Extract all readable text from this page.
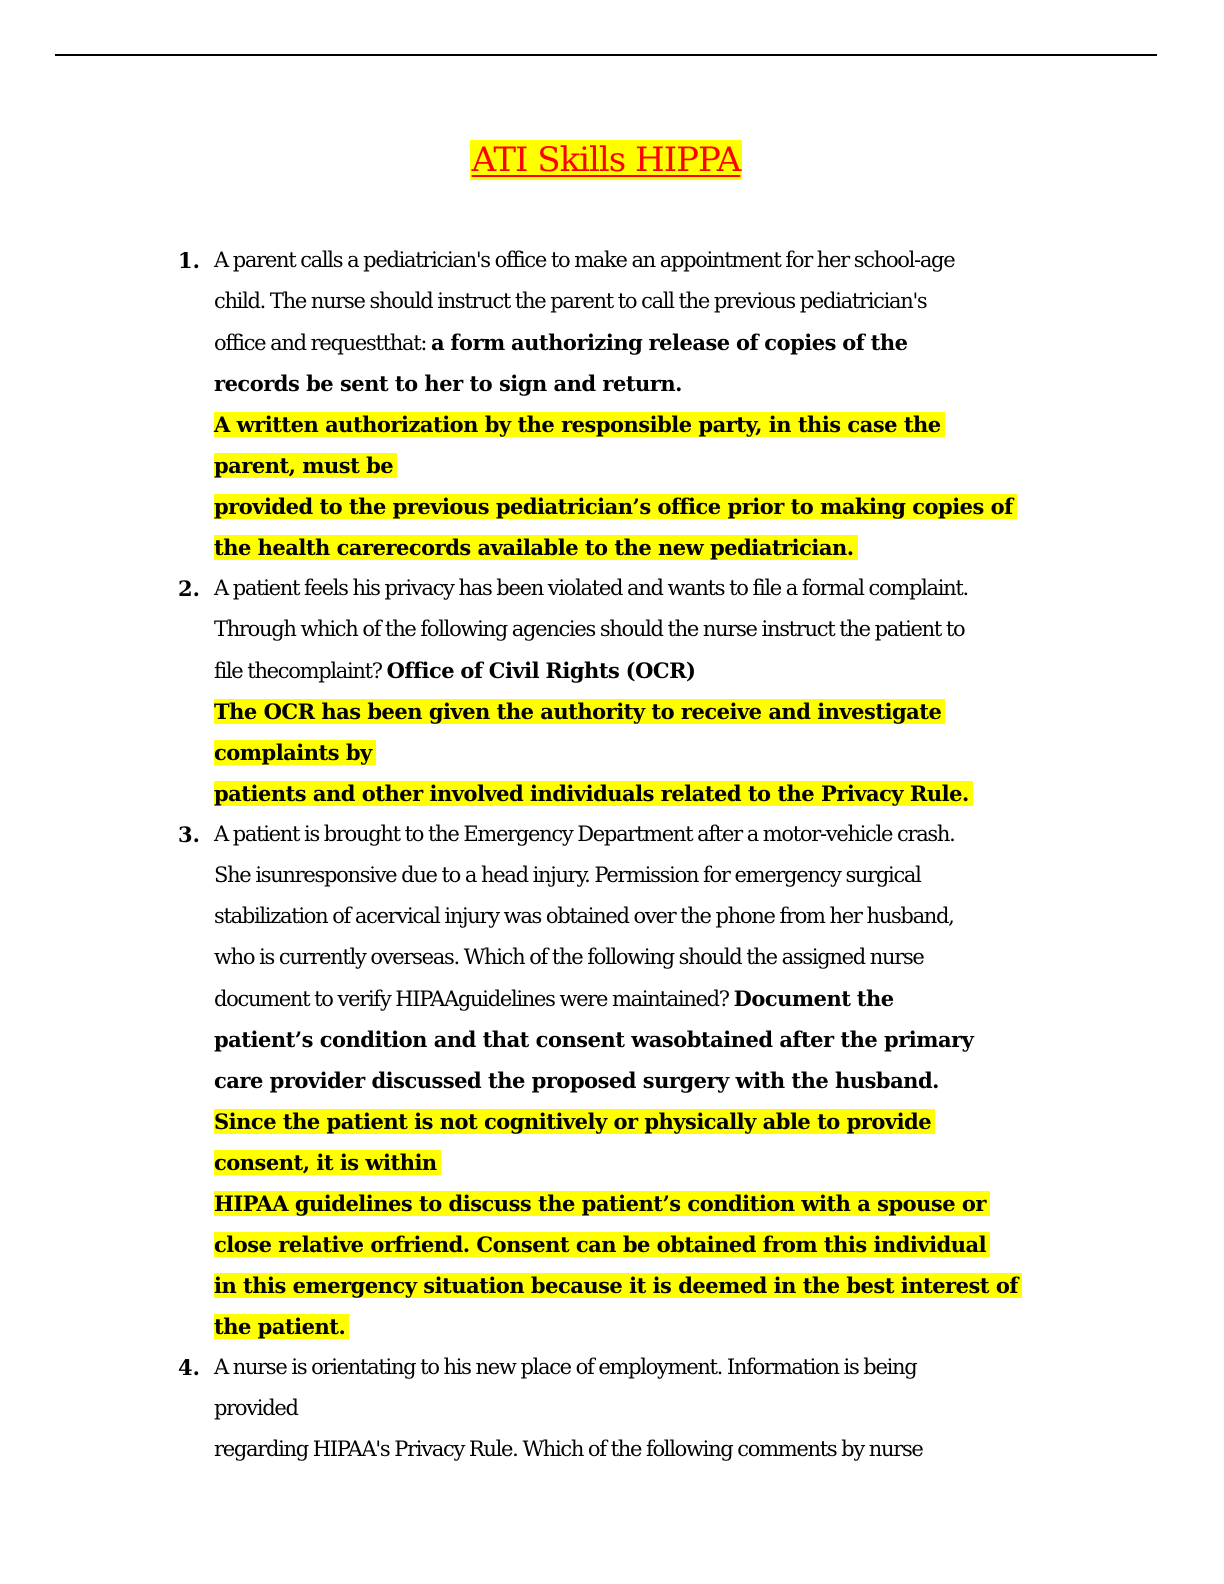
ATI Skills HIPPA
1. A parent calls a pediatrician's office to make an appointment for her school-age
child. The nurse should instruct the parent to call the previous pediatrician's
office and requestthat: a form authorizing release of copies of the
records be sent to her to sign and return.
A written authorization by the responsible party, in this case the
parent, must be
provided to the previous pediatrician’s office prior to making copies of
the health carerecords available to the new pediatrician.
2. A patient feels his privacy has been violated and wants to file a formal complaint.
Through which of the following agencies should the nurse instruct the patient to
file thecomplaint? Office of Civil Rights (OCR)
The OCR has been given the authority to receive and investigate
complaints by
patients and other involved individuals related to the Privacy Rule.
3. A patient is brought to the Emergency Department after a motor-vehicle crash.
She isunresponsive due to a head injury. Permission for emergency surgical
stabilization of acervical injury was obtained over the phone from her husband,
who is currently overseas. Which of the following should the assigned nurse
document to verify HIPAAguidelines were maintained? Document the
patient’s condition and that consent wasobtained after the primary
care provider discussed the proposed surgery with the husband.
Since the patient is not cognitively or physically able to provide
consent, it is within
HIPAA guidelines to discuss the patient’s condition with a spouse or
close relative orfriend. Consent can be obtained from this individual
in this emergency situation because it is deemed in the best interest of
the patient.
4. A nurse is orientating to his new place of employment. Information is being
provided
regarding HIPAA's Privacy Rule. Which of the following comments by nurse
